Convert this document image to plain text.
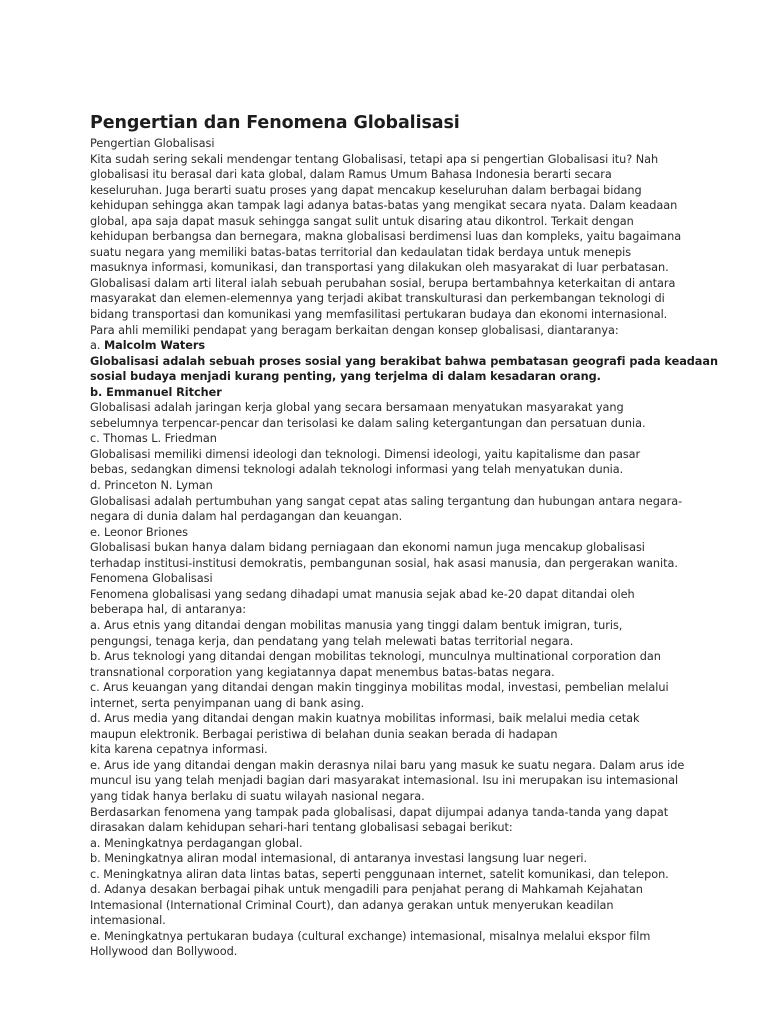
Pengertian dan Fenomena Globalisasi
Pengertian Globalisasi
Kita sudah sering sekali mendengar tentang Globalisasi, tetapi apa si pengertian Globalisasi itu? Nah
globalisasi itu berasal dari kata global, dalam Ramus Umum Bahasa Indonesia berarti secara
keseluruhan. Juga berarti suatu proses yang dapat mencakup keseluruhan dalam berbagai bidang
kehidupan sehingga akan tampak lagi adanya batas-batas yang mengikat secara nyata. Dalam keadaan
global, apa saja dapat masuk sehingga sangat sulit untuk disaring atau dikontrol. Terkait dengan
kehidupan berbangsa dan bernegara, makna globalisasi berdimensi luas dan kompleks, yaitu bagaimana
suatu negara yang memiliki batas-batas territorial dan kedaulatan tidak berdaya untuk menepis
masuknya informasi, komunikasi, dan transportasi yang dilakukan oleh masyarakat di luar perbatasan.
Globalisasi dalam arti literal ialah sebuah perubahan sosial, berupa bertambahnya keterkaitan di antara
masyarakat dan elemen-elemennya yang terjadi akibat transkulturasi dan perkembangan teknologi di
bidang transportasi dan komunikasi yang memfasilitasi pertukaran budaya dan ekonomi internasional.
Para ahli memiliki pendapat yang beragam berkaitan dengan konsep globalisasi, diantaranya:
a. Malcolm Waters
Globalisasi adalah sebuah proses sosial yang berakibat bahwa pembatasan geografi pada keadaan
sosial budaya menjadi kurang penting, yang terjelma di dalam kesadaran orang.
b. Emmanuel Ritcher
Globalisasi adalah jaringan kerja global yang secara bersamaan menyatukan masyarakat yang
sebelumnya terpencar-pencar dan terisolasi ke dalam saling ketergantungan dan persatuan dunia.
c. Thomas L. Friedman
Globalisasi memiliki dimensi ideologi dan teknologi. Dimensi ideologi, yaitu kapitalisme dan pasar
bebas, sedangkan dimensi teknologi adalah teknologi informasi yang telah menyatukan dunia.
d. Princeton N. Lyman
Globalisasi adalah pertumbuhan yang sangat cepat atas saling tergantung dan hubungan antara negara-
negara di dunia dalam hal perdagangan dan keuangan.
e. Leonor Briones
Globalisasi bukan hanya dalam bidang perniagaan dan ekonomi namun juga mencakup globalisasi
terhadap institusi-institusi demokratis, pembangunan sosial, hak asasi manusia, dan pergerakan wanita.
Fenomena Globalisasi
Fenomena globalisasi yang sedang dihadapi umat manusia sejak abad ke-20 dapat ditandai oleh
beberapa hal, di antaranya:
a. Arus etnis yang ditandai dengan mobilitas manusia yang tinggi dalam bentuk imigran, turis,
pengungsi, tenaga kerja, dan pendatang yang telah melewati batas territorial negara.
b. Arus teknologi yang ditandai dengan mobilitas teknologi, munculnya multinational corporation dan
transnational corporation yang kegiatannya dapat menembus batas-batas negara.
c. Arus keuangan yang ditandai dengan makin tingginya mobilitas modal, investasi, pembelian melalui
internet, serta penyimpanan uang di bank asing.
d. Arus media yang ditandai dengan makin kuatnya mobilitas informasi, baik melalui media cetak
maupun elektronik. Berbagai peristiwa di belahan dunia seakan berada di hadapan
kita karena cepatnya informasi.
e. Arus ide yang ditandai dengan makin derasnya nilai baru yang masuk ke suatu negara. Dalam arus ide
muncul isu yang telah menjadi bagian dari masyarakat intemasional. Isu ini merupakan isu intemasional
yang tidak hanya berlaku di suatu wilayah nasional negara.
Berdasarkan fenomena yang tampak pada globalisasi, dapat dijumpai adanya tanda-tanda yang dapat
dirasakan dalam kehidupan sehari-hari tentang globalisasi sebagai berikut:
a. Meningkatnya perdagangan global.
b. Meningkatnya aliran modal intemasional, di antaranya investasi langsung luar negeri.
c. Meningkatnya aliran data lintas batas, seperti penggunaan internet, satelit komunikasi, dan telepon.
d. Adanya desakan berbagai pihak untuk mengadili para penjahat perang di Mahkamah Kejahatan
Intemasional (International Criminal Court), dan adanya gerakan untuk menyerukan keadilan
intemasional.
e. Meningkatnya pertukaran budaya (cultural exchange) intemasional, misalnya melalui ekspor film
Hollywood dan Bollywood.
